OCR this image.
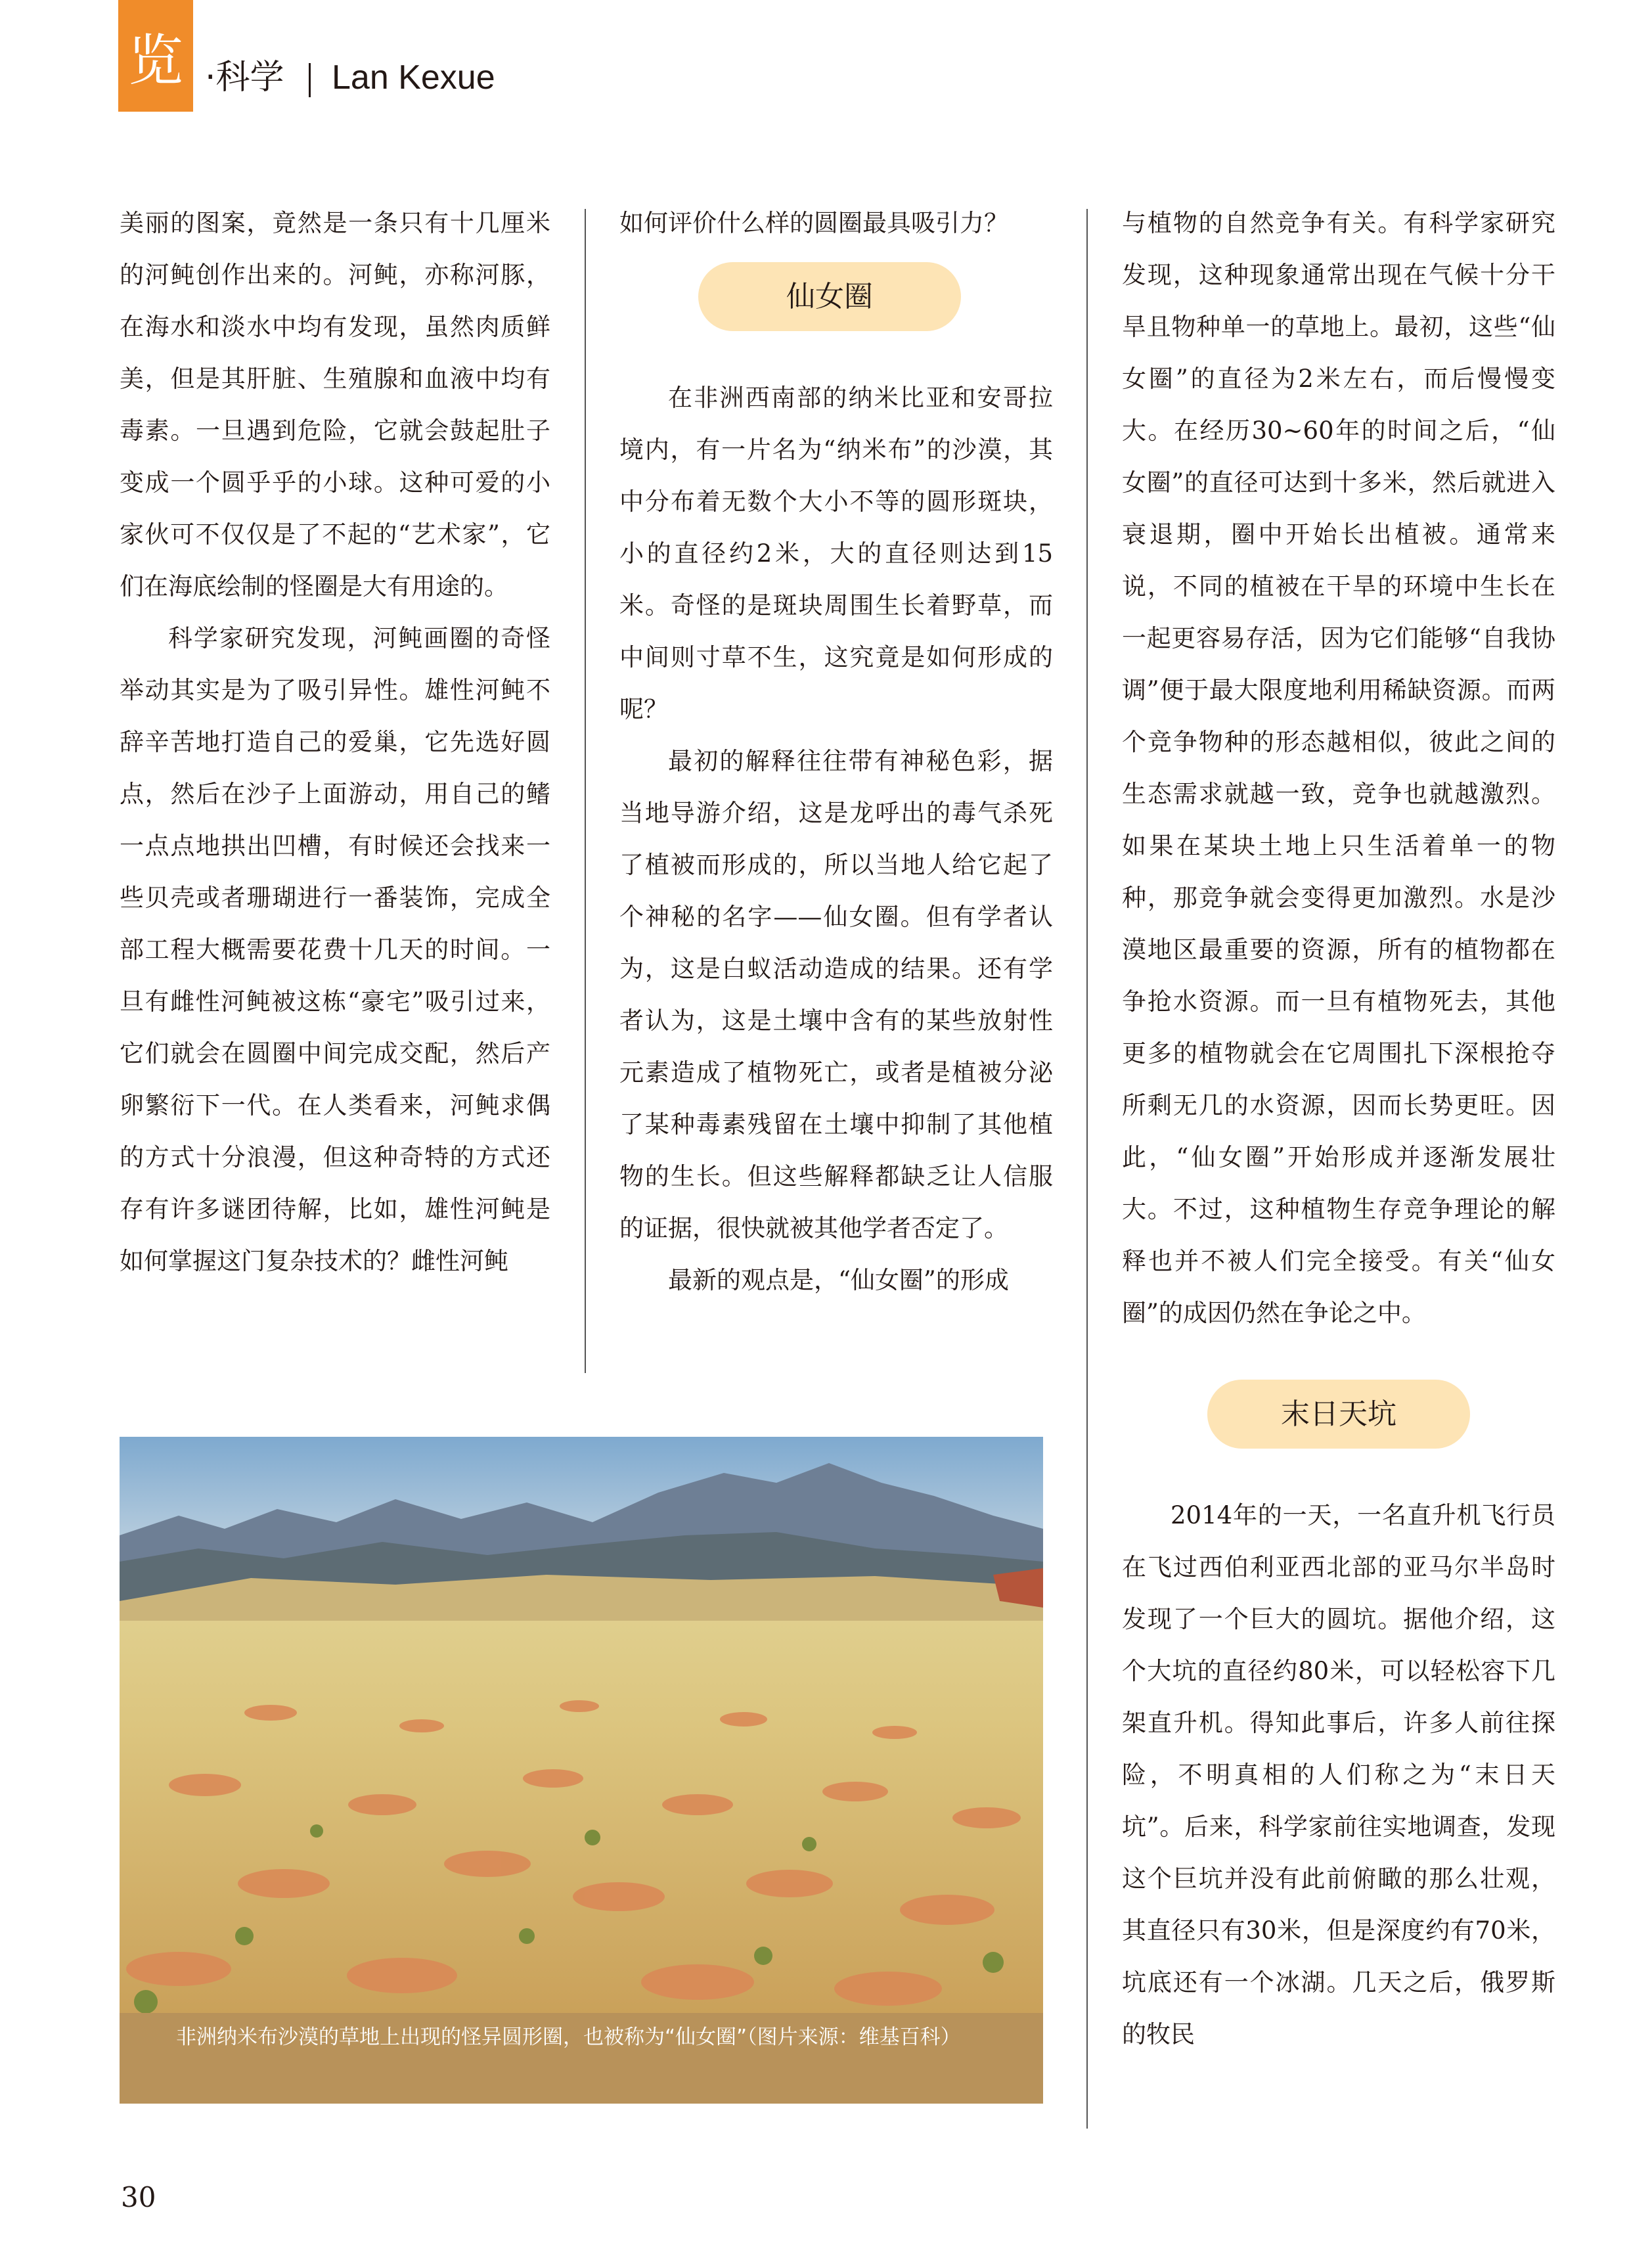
览 ·科学 Lan Kexue

美丽的图案，竟然是一条只有十几厘米的河鲀创作出来的。河鲀，亦称河豚，在海水和淡水中均有发现，虽然肉质鲜美，但是其肝脏、生殖腺和血液中均有毒素。一旦遇到危险，它就会鼓起肚子变成一个圆乎乎的小球。这种可爱的小家伙可不仅仅是了不起的“艺术家”，它们在海底绘制的怪圈是大有用途的。

科学家研究发现，河鲀画圈的奇怪举动其实是为了吸引异性。雄性河鲀不辞辛苦地打造自己的爱巢，它先选好圆点，然后在沙子上面游动，用自己的鳍一点点地拱出凹槽，有时候还会找来一些贝壳或者珊瑚进行一番装饰，完成全部工程大概需要花费十几天的时间。一旦有雌性河鲀被这栋“豪宅”吸引过来，它们就会在圆圈中间完成交配，然后产卵繁衍下一代。在人类看来，河鲀求偶的方式十分浪漫，但这种奇特的方式还存有许多谜团待解，比如，雄性河鲀是如何掌握这门复杂技术的？雌性河鲀

如何评价什么样的圆圈最具吸引力？

仙女圈

在非洲西南部的纳米比亚和安哥拉境内，有一片名为“纳米布”的沙漠，其中分布着无数个大小不等的圆形斑块，小的直径约2米，大的直径则达到15米。奇怪的是斑块周围生长着野草，而中间则寸草不生，这究竟是如何形成的呢？

最初的解释往往带有神秘色彩，据当地导游介绍，这是龙呼出的毒气杀死了植被而形成的，所以当地人给它起了个神秘的名字——仙女圈。但有学者认为，这是白蚁活动造成的结果。还有学者认为，这是土壤中含有的某些放射性元素造成了植物死亡，或者是植被分泌了某种毒素残留在土壤中抑制了其他植物的生长。但这些解释都缺乏让人信服的证据，很快就被其他学者否定了。

最新的观点是，“仙女圈”的形成

与植物的自然竞争有关。有科学家研究发现，这种现象通常出现在气候十分干旱且物种单一的草地上。最初，这些“仙女圈”的直径为2米左右，而后慢慢变大。在经历30~60年的时间之后，“仙女圈”的直径可达到十多米，然后就进入衰退期，圈中开始长出植被。通常来说，不同的植被在干旱的环境中生长在一起更容易存活，因为它们能够“自我协调”便于最大限度地利用稀缺资源。而两个竞争物种的形态越相似，彼此之间的生态需求就越一致，竞争也就越激烈。如果在某块土地上只生活着单一的物种，那竞争就会变得更加激烈。水是沙漠地区最重要的资源，所有的植物都在争抢水资源。而一旦有植物死去，其他更多的植物就会在它周围扎下深根抢夺所剩无几的水资源，因而长势更旺。因此，“仙女圈”开始形成并逐渐发展壮大。不过，这种植物生存竞争理论的解释也并不被人们完全接受。有关“仙女圈”的成因仍然在争论之中。

末日天坑

2014年的一天，一名直升机飞行员在飞过西伯利亚西北部的亚马尔半岛时发现了一个巨大的圆坑。据他介绍，这个大坑的直径约80米，可以轻松容下几架直升机。得知此事后，许多人前往探险，不明真相的人们称之为“末日天坑”。后来，科学家前往实地调查，发现这个巨坑并没有此前俯瞰的那么壮观，其直径只有30米，但是深度约有70米，坑底还有一个冰湖。几天之后，俄罗斯的牧民

非洲纳米布沙漠的草地上出现的怪异圆形圈，也被称为“仙女圈”（图片来源：维基百科）
30
